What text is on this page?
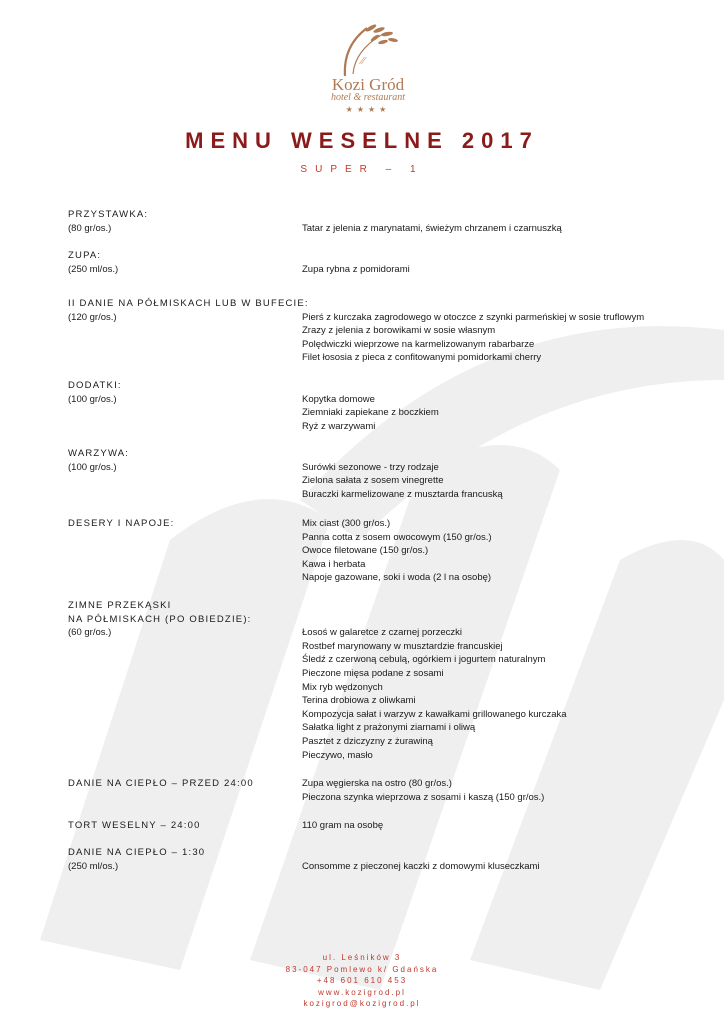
⁄⁄
Kozi Gród
hotel & restaurant
★★★★
MENU WESELNE 2017
SUPER – 1
PRZYSTAWKA:
(80 gr/os.)	Tatar z jelenia z marynatami, świeżym chrzanem i czarnuszką
ZUPA:
(250 ml/os.)	Zupa rybna z pomidorami
II DANIE NA PÓŁMISKACH LUB W BUFECIE:
(120 gr/os.)	Pierś z kurczaka zagrodowego w otoczce z szynki parmeńskiej w sosie truflowym
Zrazy z jelenia z borowikami w sosie własnym
Polędwiczki wieprzowe na karmelizowanym rabarbarze
Filet łososia z pieca z confitowanymi pomidorkami cherry
DODATKI:
(100 gr/os.)	Kopytka domowe
Ziemniaki zapiekane z boczkiem
Ryż z warzywami
WARZYWA:
(100 gr/os.)	Surówki sezonowe - trzy rodzaje
Zielona sałata z sosem vinegrette
Buraczki karmelizowane z musztarda francuską
DESERY I NAPOJE:	Mix ciast (300 gr/os.)
Panna cotta z sosem owocowym (150 gr/os.)
Owoce filetowane (150 gr/os.)
Kawa i herbata
Napoje gazowane, soki i woda (2 l na osobę)
ZIMNE PRZEKĄSKI
NA PÓŁMISKACH (PO OBIEDZIE):
(60 gr/os.)	Łosoś w galaretce z czarnej porzeczki
Rostbef marynowany w musztardzie francuskiej
Śledź z czerwoną cebulą, ogórkiem i jogurtem naturalnym
Pieczone mięsa podane z sosami
Mix ryb wędzonych
Terina drobiowa z oliwkami
Kompozycja sałat i warzyw z kawałkami grillowanego kurczaka
Sałatka light z prażonymi ziarnami i oliwą
Pasztet z dziczyzny z żurawiną
Pieczywo, masło
DANIE NA CIEPŁO – PRZED 24:00	Zupa węgierska na ostro (80 gr/os.)
Pieczona szynka wieprzowa z sosami i kaszą (150 gr/os.)
TORT WESELNY – 24:00	110 gram na osobę
DANIE NA CIEPŁO – 1:30
(250 ml/os.)	Consomme z pieczonej kaczki z domowymi kluseczkami
ul. Leśników 3
83-047 Pomlewo k/ Gdańska
+48 601 610 453
www.kozigrod.pl
kozigrod@kozigrod.pl
